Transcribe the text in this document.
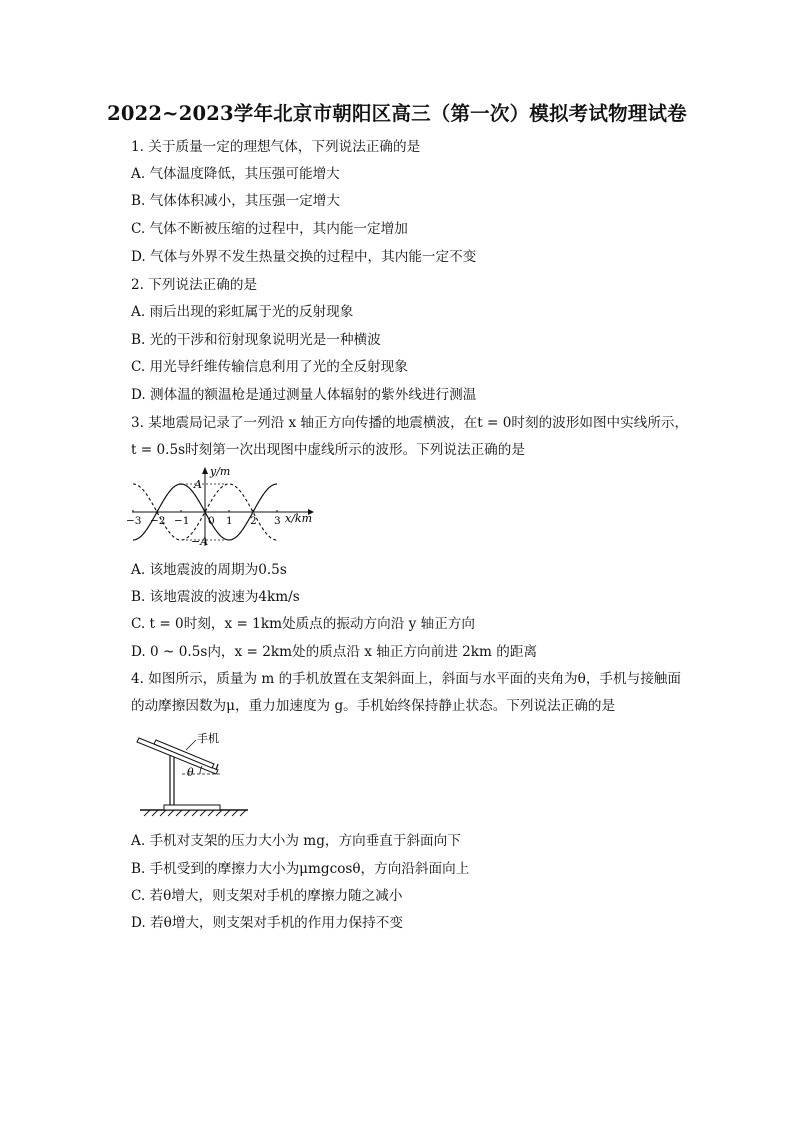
2022~2023学年北京市朝阳区高三（第一次）模拟考试物理试卷
1. 关于质量一定的理想气体，下列说法正确的是
A. 气体温度降低，其压强可能增大
B. 气体体积减小，其压强一定增大
C. 气体不断被压缩的过程中，其内能一定增加
D. 气体与外界不发生热量交换的过程中，其内能一定不变
2. 下列说法正确的是
A. 雨后出现的彩虹属于光的反射现象
B. 光的干涉和衍射现象说明光是一种横波
C. 用光导纤维传输信息利用了光的全反射现象
D. 测体温的额温枪是通过测量人体辐射的紫外线进行测温
3. 某地震局记录了一列沿 x 轴正方向传播的地震横波，在t = 0时刻的波形如图中实线所示，
t = 0.5s时刻第一次出现图中虚线所示的波形。下列说法正确的是
y/m
x/km
A
−A
−3 −2 −1 0 1 2 3
A. 该地震波的周期为0.5s
B. 该地震波的波速为4km/s
C. t = 0时刻，x = 1km处质点的振动方向沿 y 轴正方向
D. 0 ~ 0.5s内，x = 2km处的质点沿 x 轴正方向前进 2km 的距离
4. 如图所示，质量为 m 的手机放置在支架斜面上，斜面与水平面的夹角为θ，手机与接触面
的动摩擦因数为μ，重力加速度为 g。手机始终保持静止状态。下列说法正确的是
θ
手机
A. 手机对支架的压力大小为 mg，方向垂直于斜面向下
B. 手机受到的摩擦力大小为μmgcosθ，方向沿斜面向上
C. 若θ增大，则支架对手机的摩擦力随之减小
D. 若θ增大，则支架对手机的作用力保持不变
